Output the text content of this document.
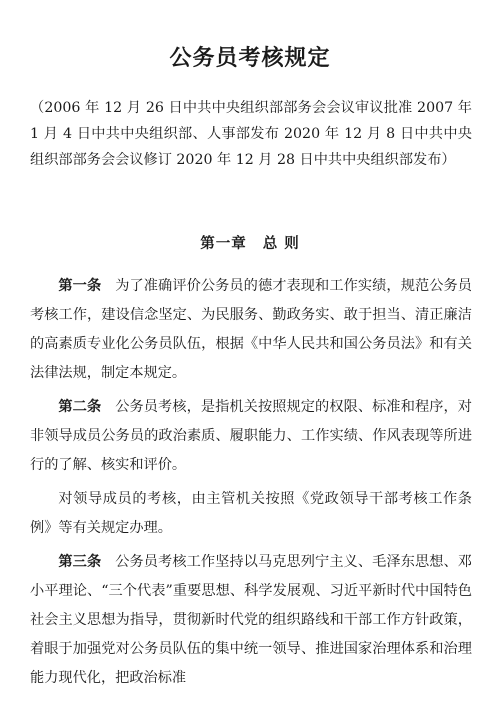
公务员考核规定
（2006 年 12 月 26 日中共中央组织部部务会会议审议批准 2007 年 1 月 4 日中共中央组织部、人事部发布 2020 年 12 月 8 日中共中央组织部部务会会议修订 2020 年 12 月 28 日中共中央组织部发布）
第一章 总 则

第一条 为了准确评价公务员的德才表现和工作实绩，规范公务员考核工作，建设信念坚定、为民服务、勤政务实、敢于担当、清正廉洁的高素质专业化公务员队伍，根据《中华人民共和国公务员法》和有关法律法规，制定本规定。

第二条 公务员考核，是指机关按照规定的权限、标准和程序，对非领导成员公务员的政治素质、履职能力、工作实绩、作风表现等所进行的了解、核实和评价。

对领导成员的考核，由主管机关按照《党政领导干部考核工作条例》等有关规定办理。

第三条 公务员考核工作坚持以马克思列宁主义、毛泽东思想、邓小平理论、“三个代表”重要思想、科学发展观、习近平新时代中国特色社会主义思想为指导，贯彻新时代党的组织路线和干部工作方针政策，着眼于加强党对公务员队伍的集中统一领导、推进国家治理体系和治理能力现代化，把政治标准
